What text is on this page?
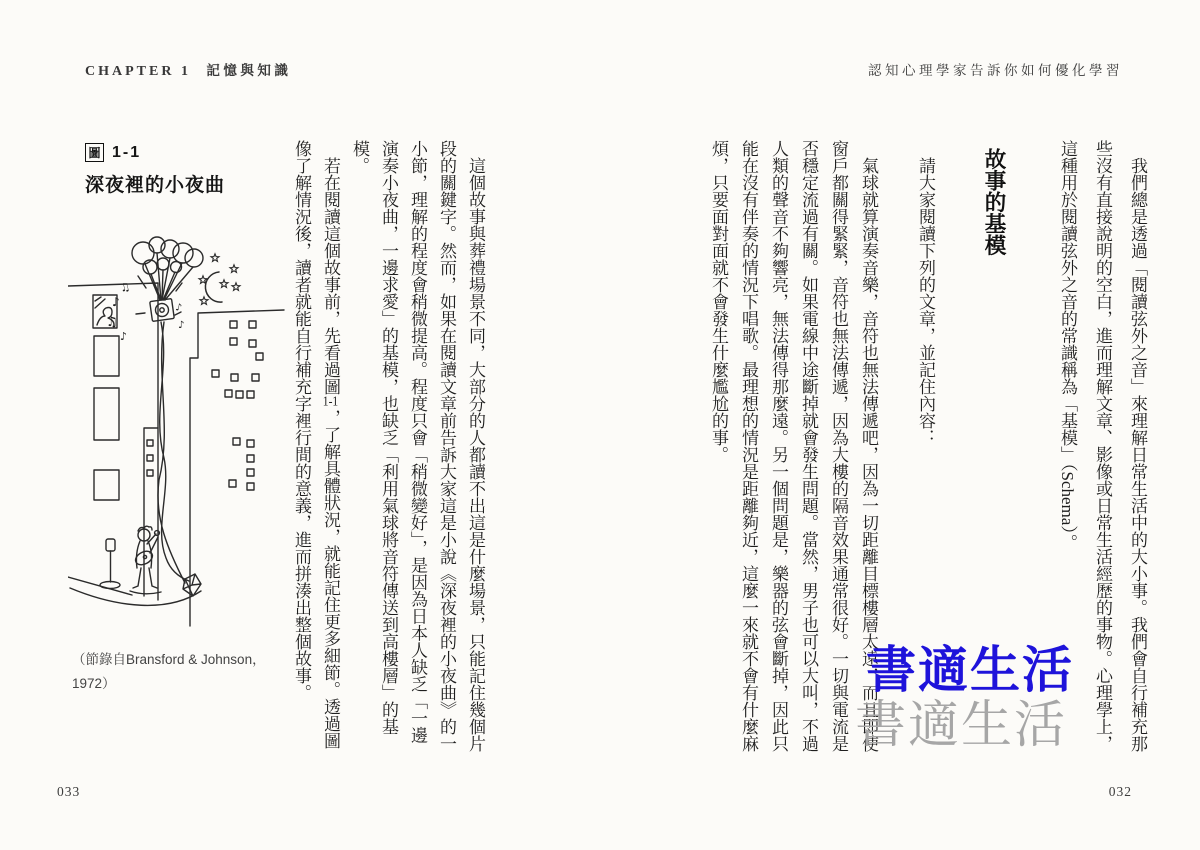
CHAPTER 1 記憶與知識	認知心理學家告訴你如何優化學習
圖 1-1
深夜裡的小夜曲
♪
♫
♫
♪
♪
♪
（節錄自Bransford & Johnson，1972）	這個故事與葬禮場景不同，大部分的人都讀不出這是什麼場景，只能記住幾個片段的關鍵字。然而，如果在閱讀文章前告訴大家這是小說《深夜裡的小夜曲》的一小節，理解的程度會稍微提高。程度只會「稍微變好」，是因為日本人缺乏「一邊演奏小夜曲，一邊求愛」的基模，也缺乏「利用氣球將音符傳送到高樓層」的基模。

若在閱讀這個故事前，先看過圖1-1，了解具體狀況，就能記住更多細節。透過圖像了解情況後，讀者就能自行補充字裡行間的意義，進而拼湊出整個故事。	我們總是透過「閱讀弦外之音」來理解日常生活中的大小事。我們會自行補充那些沒有直接說明的空白，進而理解文章、影像或日常生活經歷的事物。心理學上，這種用於閱讀弦外之音的常識稱為「基模」（Schema）。

故事的基模

請大家閱讀下列的文章，並記住內容：

氣球就算演奏音樂，音符也無法傳遞吧，因為一切距離目標樓層太遠，而且即使窗戶都關得緊緊，音符也無法傳遞，因為大樓的隔音效果通常很好。一切與電流是否穩定流過有關。如果電線中途斷掉就會發生問題。當然，男子也可以大叫，不過人類的聲音不夠響亮，無法傳得那麼遠。另一個問題是，樂器的弦會斷掉，因此只能在沒有伴奏的情況下唱歌。最理想的情況是距離夠近，這麼一來就不會有什麼麻煩，只要面對面就不會發生什麼尷尬的事。

書適生活
書適生活
033	032
